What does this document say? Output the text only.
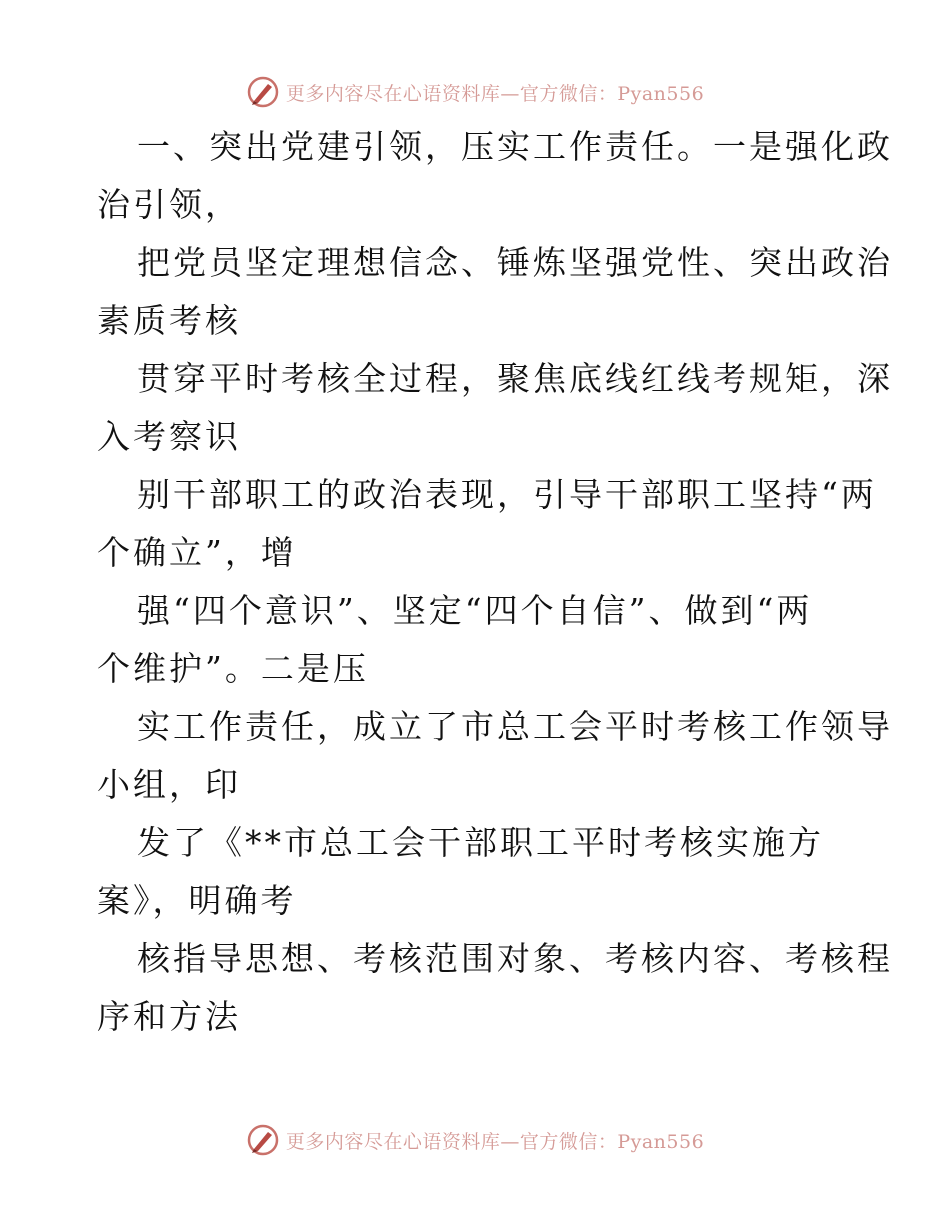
更多内容尽在心语资料库—官方微信：Pyan556
一、突出党建引领，压实工作责任。一是强化政
治引领，
把党员坚定理想信念、锤炼坚强党性、突出政治
素质考核
贯穿平时考核全过程，聚焦底线红线考规矩，深
入考察识
别干部职工的政治表现，引导干部职工坚持“两
个确立”，增
强“四个意识”、坚定“四个自信”、做到“两
个维护”。二是压
实工作责任，成立了市总工会平时考核工作领导
小组，印
发了《**市总工会干部职工平时考核实施方
案》，明确考
核指导思想、考核范围对象、考核内容、考核程
序和方法
更多内容尽在心语资料库—官方微信：Pyan556
